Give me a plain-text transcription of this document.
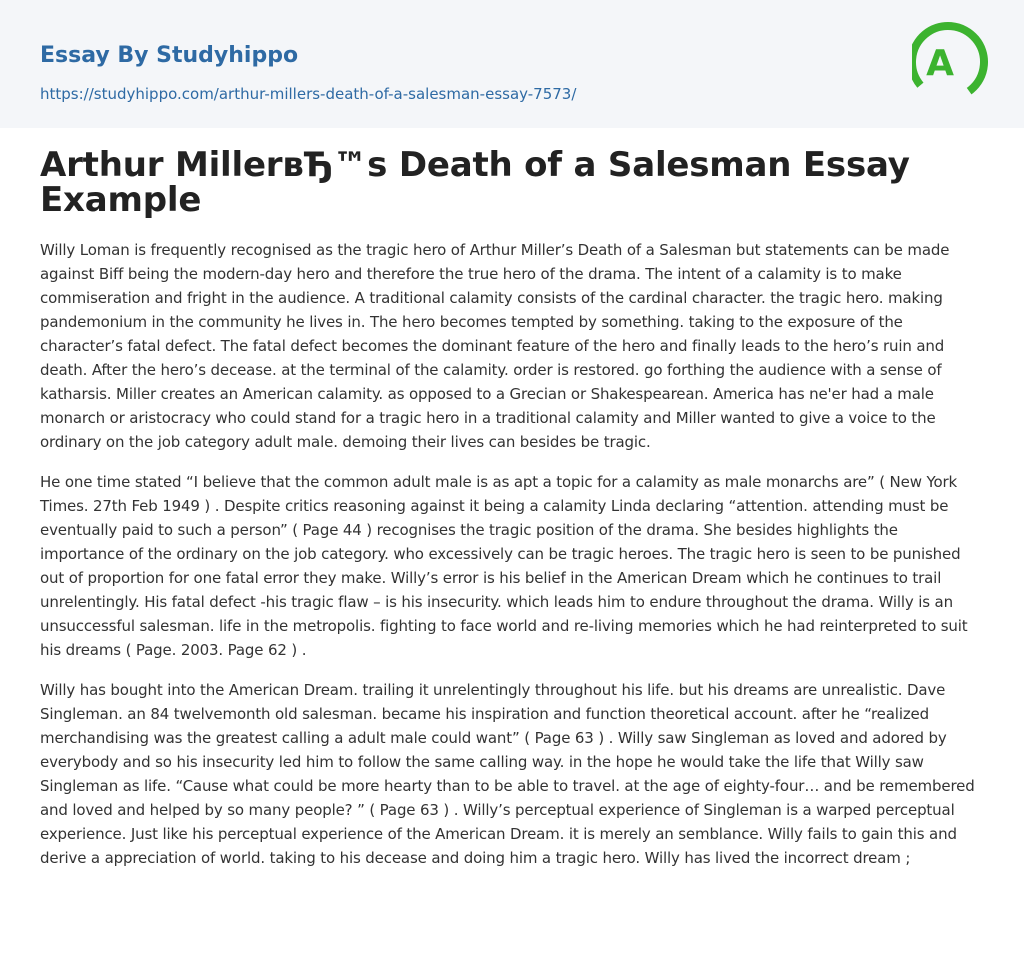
Essay By Studyhippo
https://studyhippo.com/arthur-millers-death-of-a-salesman-essay-7573/
A
Arthur MillerвЂ™s Death of a Salesman Essay Example

Willy Loman is frequently recognised as the tragic hero of Arthur Miller’s Death of a Salesman but statements can be made against Biff being the modern-day hero and therefore the true hero of the drama. The intent of a calamity is to make commiseration and fright in the audience. A traditional calamity consists of the cardinal character. the tragic hero. making pandemonium in the community he lives in. The hero becomes tempted by something. taking to the exposure of the character’s fatal defect. The fatal defect becomes the dominant feature of the hero and finally leads to the hero’s ruin and death. After the hero’s decease. at the terminal of the calamity. order is restored. go forthing the audience with a sense of katharsis. Miller creates an American calamity. as opposed to a Grecian or Shakespearean. America has ne'er had a male monarch or aristocracy who could stand for a tragic hero in a traditional calamity and Miller wanted to give a voice to the ordinary on the job category adult male. demoing their lives can besides be tragic.

He one time stated “I believe that the common adult male is as apt a topic for a calamity as male monarchs are” ( New York Times. 27th Feb 1949 ) . Despite critics reasoning against it being a calamity Linda declaring “attention. attending must be eventually paid to such a person” ( Page 44 ) recognises the tragic position of the drama. She besides highlights the importance of the ordinary on the job category. who excessively can be tragic heroes. The tragic hero is seen to be punished out of proportion for one fatal error they make. Willy’s error is his belief in the American Dream which he continues to trail unrelentingly. His fatal defect -his tragic flaw – is his insecurity. which leads him to endure throughout the drama. Willy is an unsuccessful salesman. life in the metropolis. fighting to face world and re-living memories which he had reinterpreted to suit his dreams ( Page. 2003. Page 62 ) .

Willy has bought into the American Dream. trailing it unrelentingly throughout his life. but his dreams are unrealistic. Dave Singleman. an 84 twelvemonth old salesman. became his inspiration and function theoretical account. after he “realized merchandising was the greatest calling a adult male could want” ( Page 63 ) . Willy saw Singleman as loved and adored by everybody and so his insecurity led him to follow the same calling way. in the hope he would take the life that Willy saw Singleman as life. “Cause what could be more hearty than to be able to travel. at the age of eighty-four… and be remembered and loved and helped by so many people? ” ( Page 63 ) . Willy’s perceptual experience of Singleman is a warped perceptual experience. Just like his perceptual experience of the American Dream. it is merely an semblance. Willy fails to gain this and derive a appreciation of world. taking to his decease and doing him a tragic hero. Willy has lived the incorrect dream ;
